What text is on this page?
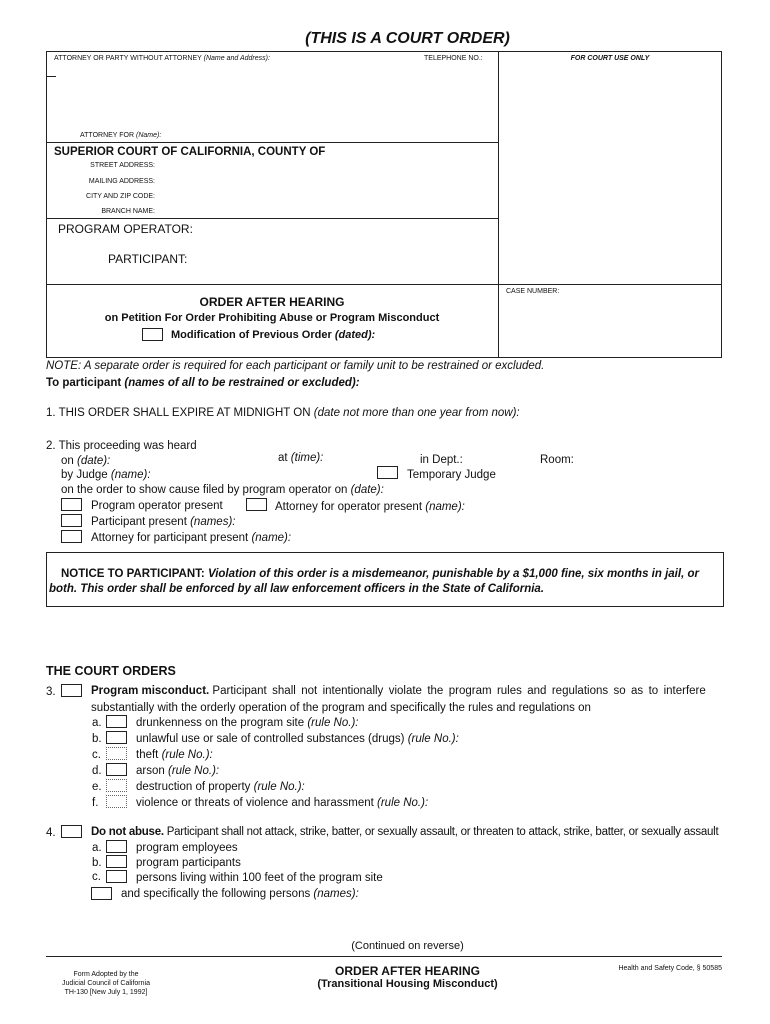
(THIS IS A COURT ORDER)
ATTORNEY OR PARTY WITHOUT ATTORNEY (Name and Address):	TELEPHONE NO.:	FOR COURT USE ONLY
ATTORNEY FOR (Name):
SUPERIOR COURT OF CALIFORNIA, COUNTY OF
STREET ADDRESS:
MAILING ADDRESS:
CITY AND ZIP CODE:
BRANCH NAME:
PROGRAM OPERATOR:
PARTICIPANT:
CASE NUMBER:
ORDER AFTER HEARING
on Petition For Order Prohibiting Abuse or Program Misconduct
Modification of Previous Order (dated):
NOTE: A separate order is required for each participant or family unit to be restrained or excluded.
To participant (names of all to be restrained or excluded):
1. THIS ORDER SHALL EXPIRE AT MIDNIGHT ON (date not more than one year from now):
2. This proceeding was heard
on (date):	at (time):	in Dept.:	Room:
by Judge (name):	Temporary Judge
on the order to show cause filed by program operator on (date):
Program operator present	Attorney for operator present (name):
Participant present (names):
Attorney for participant present (name):
NOTICE TO PARTICIPANT: Violation of this order is a misdemeanor, punishable by a $1,000 fine, six months in jail, or
both. This order shall be enforced by all law enforcement officers in the State of California.
THE COURT ORDERS
3.	Program misconduct. Participant shall not intentionally violate the program rules and regulations so as to interfere
substantially with the orderly operation of the program and specifically the rules and regulations on
a.	drunkenness on the program site (rule No.):
b.	unlawful use or sale of controlled substances (drugs) (rule No.):
c.	theft (rule No.):
d.	arson (rule No.):
e.	destruction of property (rule No.):
f.	violence or threats of violence and harassment (rule No.):
4.	Do not abuse. Participant shall not attack, strike, batter, or sexually assault, or threaten to attack, strike, batter, or sexually assault
a.	program employees
b.	program participants
c.	persons living within 100 feet of the program site
and specifically the following persons (names):
(Continued on reverse)
Form Adopted by the
Judicial Council of California
TH-130 [New July 1, 1992]
ORDER AFTER HEARING
(Transitional Housing Misconduct)
Health and Safety Code, § 50585
